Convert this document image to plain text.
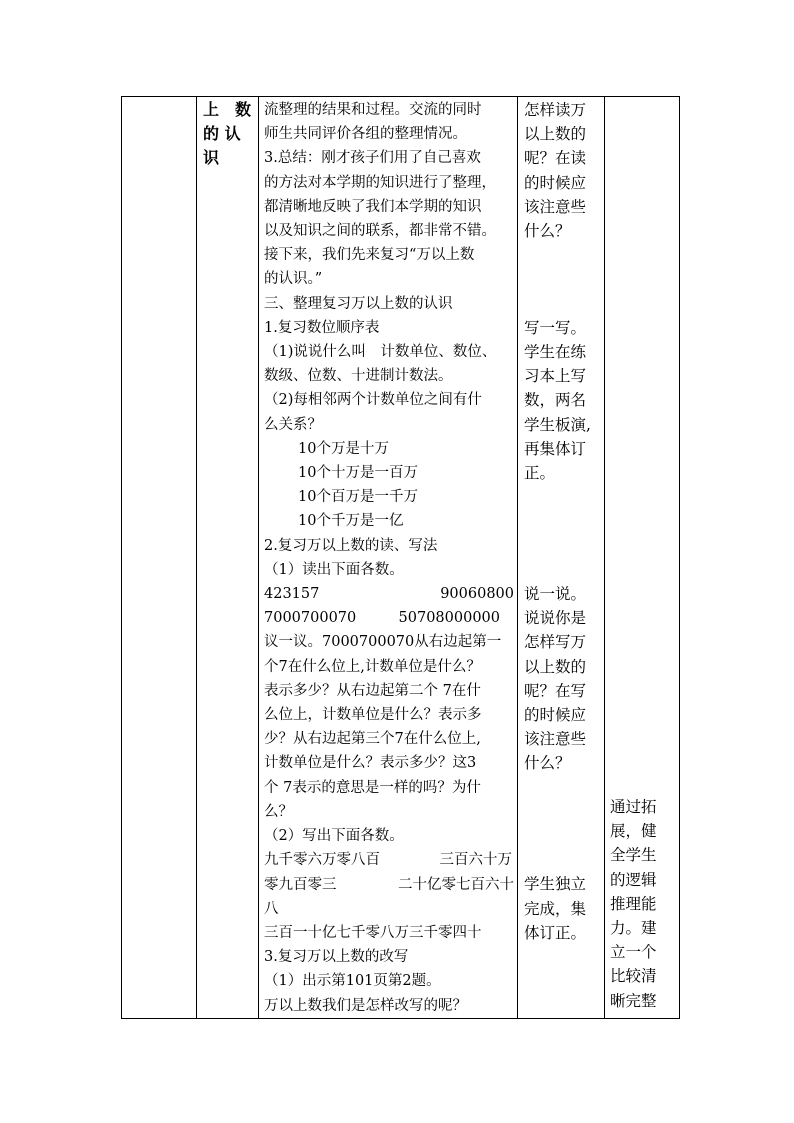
上　数
的 认
识

流整理的结果和过程。交流的同时
师生共同评价各组的整理情况。
3.总结：刚才孩子们用了自己喜欢
的方法对本学期的知识进行了整理，
都清晰地反映了我们本学期的知识
以及知识之间的联系，都非常不错。
接下来，我们先来复习“万以上数
的认识。”
三、整理复习万以上数的认识
1.复习数位顺序表
（1)说说什么叫　计数单位、数位、
数级、位数、十进制计数法。
（2)每相邻两个计数单位之间有什
么关系？
10个万是十万
10个十万是一百万
10个百万是一千万
10个千万是一亿
2.复习万以上数的读、写法
（1）读出下面各数。
423157	90060800
7000700070	50708000000
议一议。7000700070从右边起第一
个7在什么位上,计数单位是什么？
表示多少？从右边起第二个 7在什
么位上，计数单位是什么？表示多
少？从右边起第三个7在什么位上,
计数单位是什么？表示多少？这3
个 7表示的意思是一样的吗？为什
么？
（2）写出下面各数。
九千零六万零八百	三百六十万
零九百零三	二十亿零七百六十
八
三百一十亿七千零八万三千零四十
3.复习万以上数的改写
（1）出示第101页第2题。
万以上数我们是怎样改写的呢？

怎样读万
以上数的
呢？在读
的时候应
该注意些
什么？
写一写。
学生在练
习本上写
数，两名
学生板演,
再集体订
正。
说一说。
说说你是
怎样写万
以上数的
呢？在写
的时候应
该注意些
什么？
学生独立
完成，集
体订正。

通过拓
展，健
全学生
的逻辑
推理能
力。建
立一个
比较清
晰完整
